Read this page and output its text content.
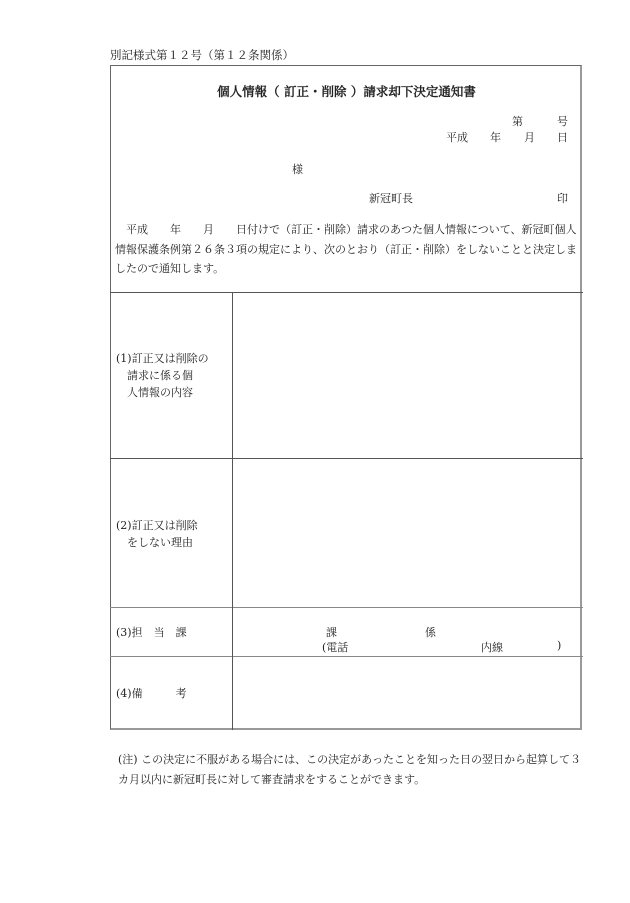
別記様式第１２号（第１２条関係）
個人情報（ 訂正・削除 ）請求却下決定通知書
第	号
平成 年 月 日
様
新冠町長	印
　平成　　年　　月　　日付けで（訂正・削除）請求のあつた個人情報について、新冠町個人情報保護条例第２６条３項の規定により、次のとおり（訂正・削除）をしないことと決定しましたので通知します。
(1)訂正又は削除の
　請求に係る個
　人情報の内容
(2)訂正又は削除
　をしない理由
(3)担　当　課	課	係
(電話	内線	)
(4)備　　　考
(注) この決定に不服がある場合には、この決定があったことを知った日の翌日から起算して３カ月以内に新冠町長に対して審査請求をすることができます。
